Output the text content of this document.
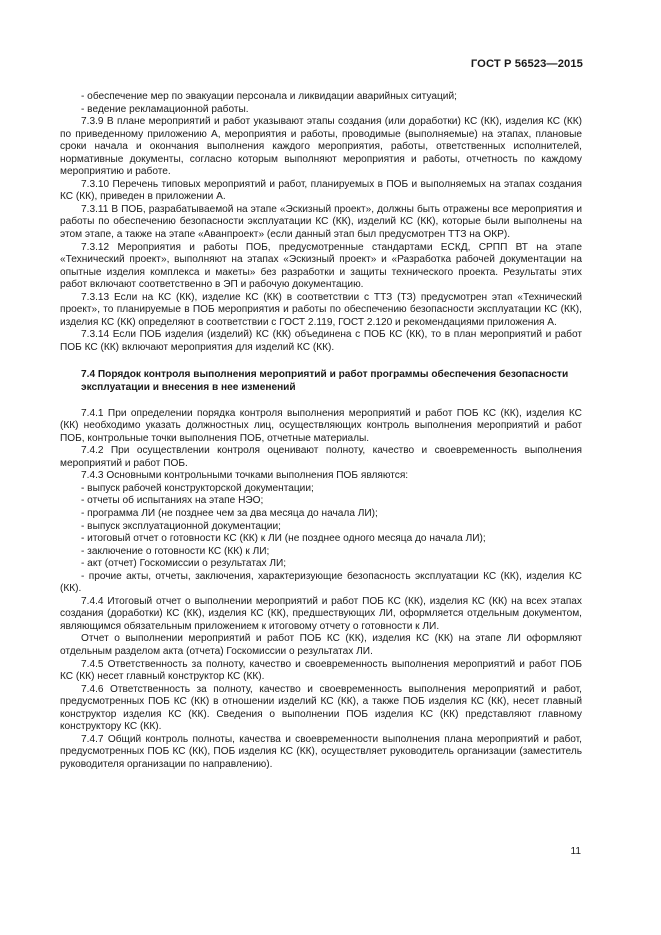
ГОСТ Р 56523—2015

- обеспечение мер по эвакуации персонала и ликвидации аварийных ситуаций;

- ведение рекламационной работы.

7.3.9 В плане мероприятий и работ указывают этапы создания (или доработки) КС (КК), изделия КС (КК) по приведенному приложению А, мероприятия и работы, проводимые (выполняемые) на этапах, плановые сроки начала и окончания выполнения каждого мероприятия, работы, ответственных исполнителей, нормативные документы, согласно которым выполняют мероприятия и работы, отчетность по каждому мероприятию и работе.

7.3.10 Перечень типовых мероприятий и работ, планируемых в ПОБ и выполняемых на этапах создания КС (КК), приведен в приложении А.

7.3.11 В ПОБ, разрабатываемой на этапе «Эскизный проект», должны быть отражены все мероприятия и работы по обеспечению безопасности эксплуатации КС (КК), изделий КС (КК), которые были выполнены на этом этапе, а также на этапе «Аванпроект» (если данный этап был предусмотрен ТТЗ на ОКР).

7.3.12 Мероприятия и работы ПОБ, предусмотренные стандартами ЕСКД, СРПП ВТ на этапе «Технический проект», выполняют на этапах «Эскизный проект» и «Разработка рабочей документации на опытные изделия комплекса и макеты» без разработки и защиты технического проекта. Результаты этих работ включают соответственно в ЭП и рабочую документацию.

7.3.13 Если на КС (КК), изделие КС (КК) в соответствии с ТТЗ (ТЗ) предусмотрен этап «Технический проект», то планируемые в ПОБ мероприятия и работы по обеспечению безопасности эксплуатации КС (КК), изделия КС (КК) определяют в соответствии с ГОСТ 2.119, ГОСТ 2.120 и рекомендациями приложения А.

7.3.14 Если ПОБ изделия (изделий) КС (КК) объединена с ПОБ КС (КК), то в план мероприятий и работ ПОБ КС (КК) включают мероприятия для изделий КС (КК).

7.4 Порядок контроля выполнения мероприятий и работ программы обеспечения безопасности эксплуатации и внесения в нее изменений

7.4.1 При определении порядка контроля выполнения мероприятий и работ ПОБ КС (КК), изделия КС (КК) необходимо указать должностных лиц, осуществляющих контроль выполнения мероприятий и работ ПОБ, контрольные точки выполнения ПОБ, отчетные материалы.

7.4.2 При осуществлении контроля оценивают полноту, качество и своевременность выполнения мероприятий и работ ПОБ.

7.4.3 Основными контрольными точками выполнения ПОБ являются:

- выпуск рабочей конструкторской документации;

- отчеты об испытаниях на этапе НЭО;

- программа ЛИ (не позднее чем за два месяца до начала ЛИ);

- выпуск эксплуатационной документации;

- итоговый отчет о готовности КС (КК) к ЛИ (не позднее одного месяца до начала ЛИ);

- заключение о готовности КС (КК) к ЛИ;

- акт (отчет) Госкомиссии о результатах ЛИ;

- прочие акты, отчеты, заключения, характеризующие безопасность эксплуатации КС (КК), изделия КС (КК).

7.4.4 Итоговый отчет о выполнении мероприятий и работ ПОБ КС (КК), изделия КС (КК) на всех этапах создания (доработки) КС (КК), изделия КС (КК), предшествующих ЛИ, оформляется отдельным документом, являющимся обязательным приложением к итоговому отчету о готовности к ЛИ.

Отчет о выполнении мероприятий и работ ПОБ КС (КК), изделия КС (КК) на этапе ЛИ оформляют отдельным разделом акта (отчета) Госкомиссии о результатах ЛИ.

7.4.5 Ответственность за полноту, качество и своевременность выполнения мероприятий и работ ПОБ КС (КК) несет главный конструктор КС (КК).

7.4.6 Ответственность за полноту, качество и своевременность выполнения мероприятий и работ, предусмотренных ПОБ КС (КК) в отношении изделий КС (КК), а также ПОБ изделия КС (КК), несет главный конструктор изделия КС (КК). Сведения о выполнении ПОБ изделия КС (КК) представляют главному конструктору КС (КК).

7.4.7 Общий контроль полноты, качества и своевременности выполнения плана мероприятий и работ, предусмотренных ПОБ КС (КК), ПОБ изделия КС (КК), осуществляет руководитель организации (заместитель руководителя организации по направлению).

11
